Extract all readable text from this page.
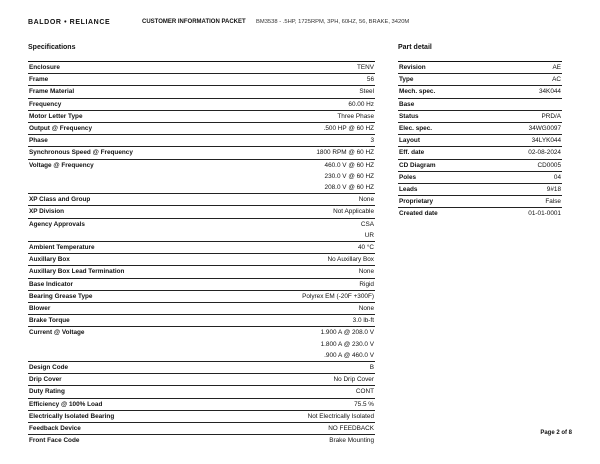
BALDOR • RELIANCE	CUSTOMER INFORMATION PACKET BM3538 - .5HP, 1725RPM, 3PH, 60HZ, 56, BRAKE, 3420M
Specifications
Enclosure	TENV
Frame	56
Frame Material	Steel
Frequency	60.00 Hz
Motor Letter Type	Three Phase
Output @ Frequency	.500 HP @ 60 HZ
Phase	3
Synchronous Speed @ Frequency	1800 RPM @ 60 HZ
Voltage @ Frequency	460.0 V @ 60 HZ
	230.0 V @ 60 HZ
	208.0 V @ 60 HZ
XP Class and Group	None
XP Division	Not Applicable
Agency Approvals	CSA
	UR
Ambient Temperature	40 °C
Auxillary Box	No Auxillary Box
Auxillary Box Lead Termination	None
Base Indicator	Rigid
Bearing Grease Type	Polyrex EM (-20F +300F)
Blower	None
Brake Torque	3.0 lb-ft
Current @ Voltage	1.900 A @ 208.0 V
	1.800 A @ 230.0 V
	.900 A @ 460.0 V
Design Code	B
Drip Cover	No Drip Cover
Duty Rating	CONT
Efficiency @ 100% Load	75.5 %
Electrically Isolated Bearing	Not Electrically Isolated
Feedback Device	NO FEEDBACK
Front Face Code	Brake Mounting
Part detail
Revision	AE
Type	AC
Mech. spec.	34K044
Base	
Status	PRD/A
Elec. spec.	34WG0097
Layout	34LYK044
Eff. date	02-08-2024
CD Diagram	CD0005
Poles	04
Leads	9#18
Proprietary	False
Created date	01-01-0001
Page 2 of 8
